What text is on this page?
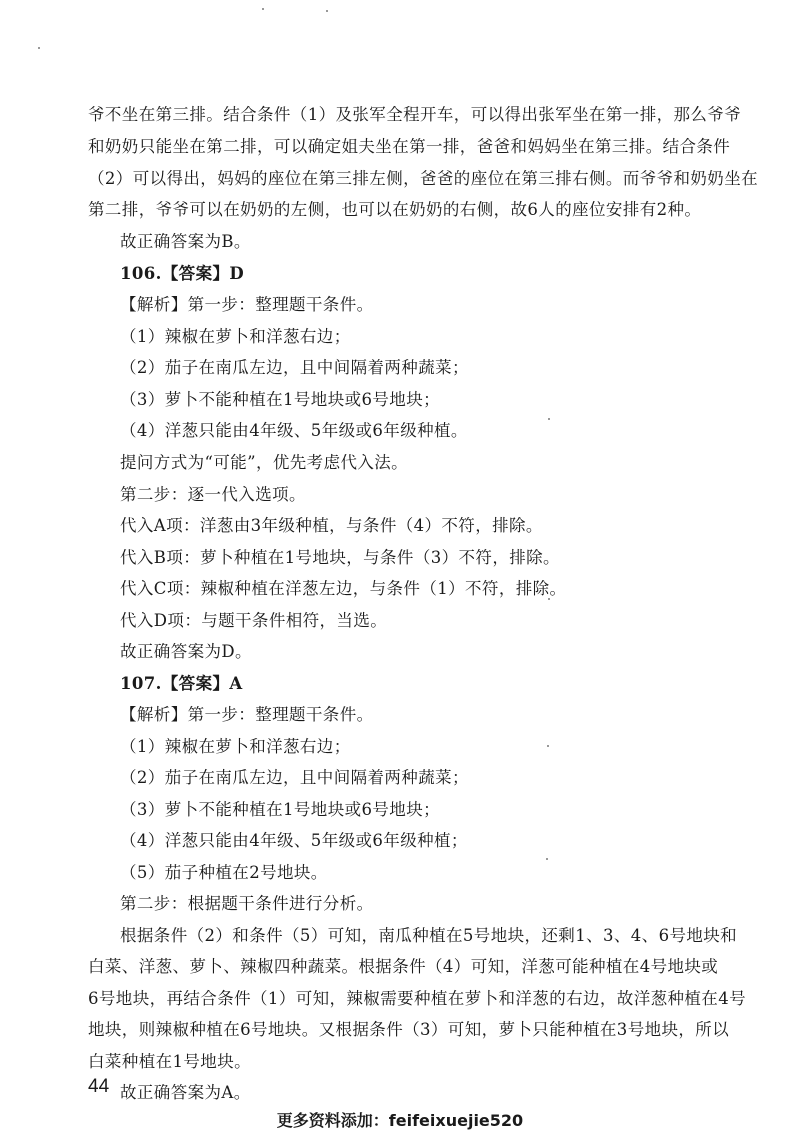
爷不坐在第三排。结合条件（1）及张军全程开车，可以得出张军坐在第一排，那么爷爷
和奶奶只能坐在第二排，可以确定姐夫坐在第一排，爸爸和妈妈坐在第三排。结合条件
（2）可以得出，妈妈的座位在第三排左侧，爸爸的座位在第三排右侧。而爷爷和奶奶坐在
第二排，爷爷可以在奶奶的左侧，也可以在奶奶的右侧，故6人的座位安排有2种。
故正确答案为B。
106.【答案】D
【解析】第一步：整理题干条件。
（1）辣椒在萝卜和洋葱右边；
（2）茄子在南瓜左边，且中间隔着两种蔬菜；
（3）萝卜不能种植在1号地块或6号地块；
（4）洋葱只能由4年级、5年级或6年级种植。
提问方式为“可能”，优先考虑代入法。
第二步：逐一代入选项。
代入A项：洋葱由3年级种植，与条件（4）不符，排除。
代入B项：萝卜种植在1号地块，与条件（3）不符，排除。
代入C项：辣椒种植在洋葱左边，与条件（1）不符，排除。
代入D项：与题干条件相符，当选。
故正确答案为D。
107.【答案】A
【解析】第一步：整理题干条件。
（1）辣椒在萝卜和洋葱右边；
（2）茄子在南瓜左边，且中间隔着两种蔬菜；
（3）萝卜不能种植在1号地块或6号地块；
（4）洋葱只能由4年级、5年级或6年级种植；
（5）茄子种植在2号地块。
第二步：根据题干条件进行分析。
根据条件（2）和条件（5）可知，南瓜种植在5号地块，还剩1、3、4、6号地块和
白菜、洋葱、萝卜、辣椒四种蔬菜。根据条件（4）可知，洋葱可能种植在4号地块或
6号地块，再结合条件（1）可知，辣椒需要种植在萝卜和洋葱的右边，故洋葱种植在4号
地块，则辣椒种植在6号地块。又根据条件（3）可知，萝卜只能种植在3号地块，所以
白菜种植在1号地块。
故正确答案为A。
44
更多资料添加：feifeixuejie520
